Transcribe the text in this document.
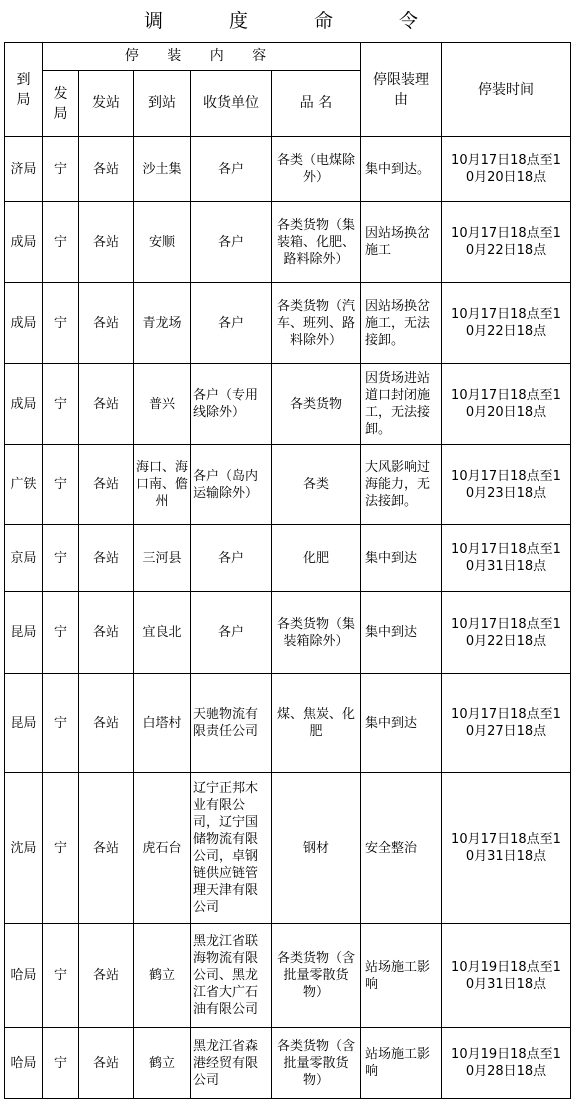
调 度 命 令
到局	停 装 内 容					停限装理由	停装时间
	发局	发站	到站	收货单位	品 名		
济局	宁	各站	沙土集	各户	各类（电煤除外）	集中到达。	10月17日18点至10月20日18点
成局	宁	各站	安顺	各户	各类货物（集装箱、化肥、路料除外）	因站场换岔施工	10月17日18点至10月22日18点
成局	宁	各站	青龙场	各户	各类货物（汽车、班列、路料除外）	因站场换岔施工，无法接卸。	10月17日18点至10月22日18点
成局	宁	各站	普兴	各户（专用线除外）	各类货物	因货场进站道口封闭施工，无法接卸。	10月17日18点至10月20日18点
广铁	宁	各站	海口、海口南、儋州	各户（岛内运输除外）	各类	大风影响过海能力，无法接卸。	10月17日18点至10月23日18点
京局	宁	各站	三河县	各户	化肥	集中到达	10月17日18点至10月31日18点
昆局	宁	各站	宜良北	各户	各类货物（集装箱除外）	集中到达	10月17日18点至10月22日18点
昆局	宁	各站	白塔村	天驰物流有限责任公司	煤、焦炭、化肥	集中到达	10月17日18点至10月27日18点
沈局	宁	各站	虎石台	辽宁正邦木业有限公司，辽宁国储物流有限公司，卓钢链供应链管理天津有限公司	钢材	安全整治	10月17日18点至10月31日18点
哈局	宁	各站	鹤立	黑龙江省联海物流有限公司、黑龙江省大广石油有限公司	各类货物（含批量零散货物）	站场施工影响	10月19日18点至10月31日18点
哈局	宁	各站	鹤立	黑龙江省森港经贸有限公司	各类货物（含批量零散货物）	站场施工影响	10月19日18点至10月28日18点
